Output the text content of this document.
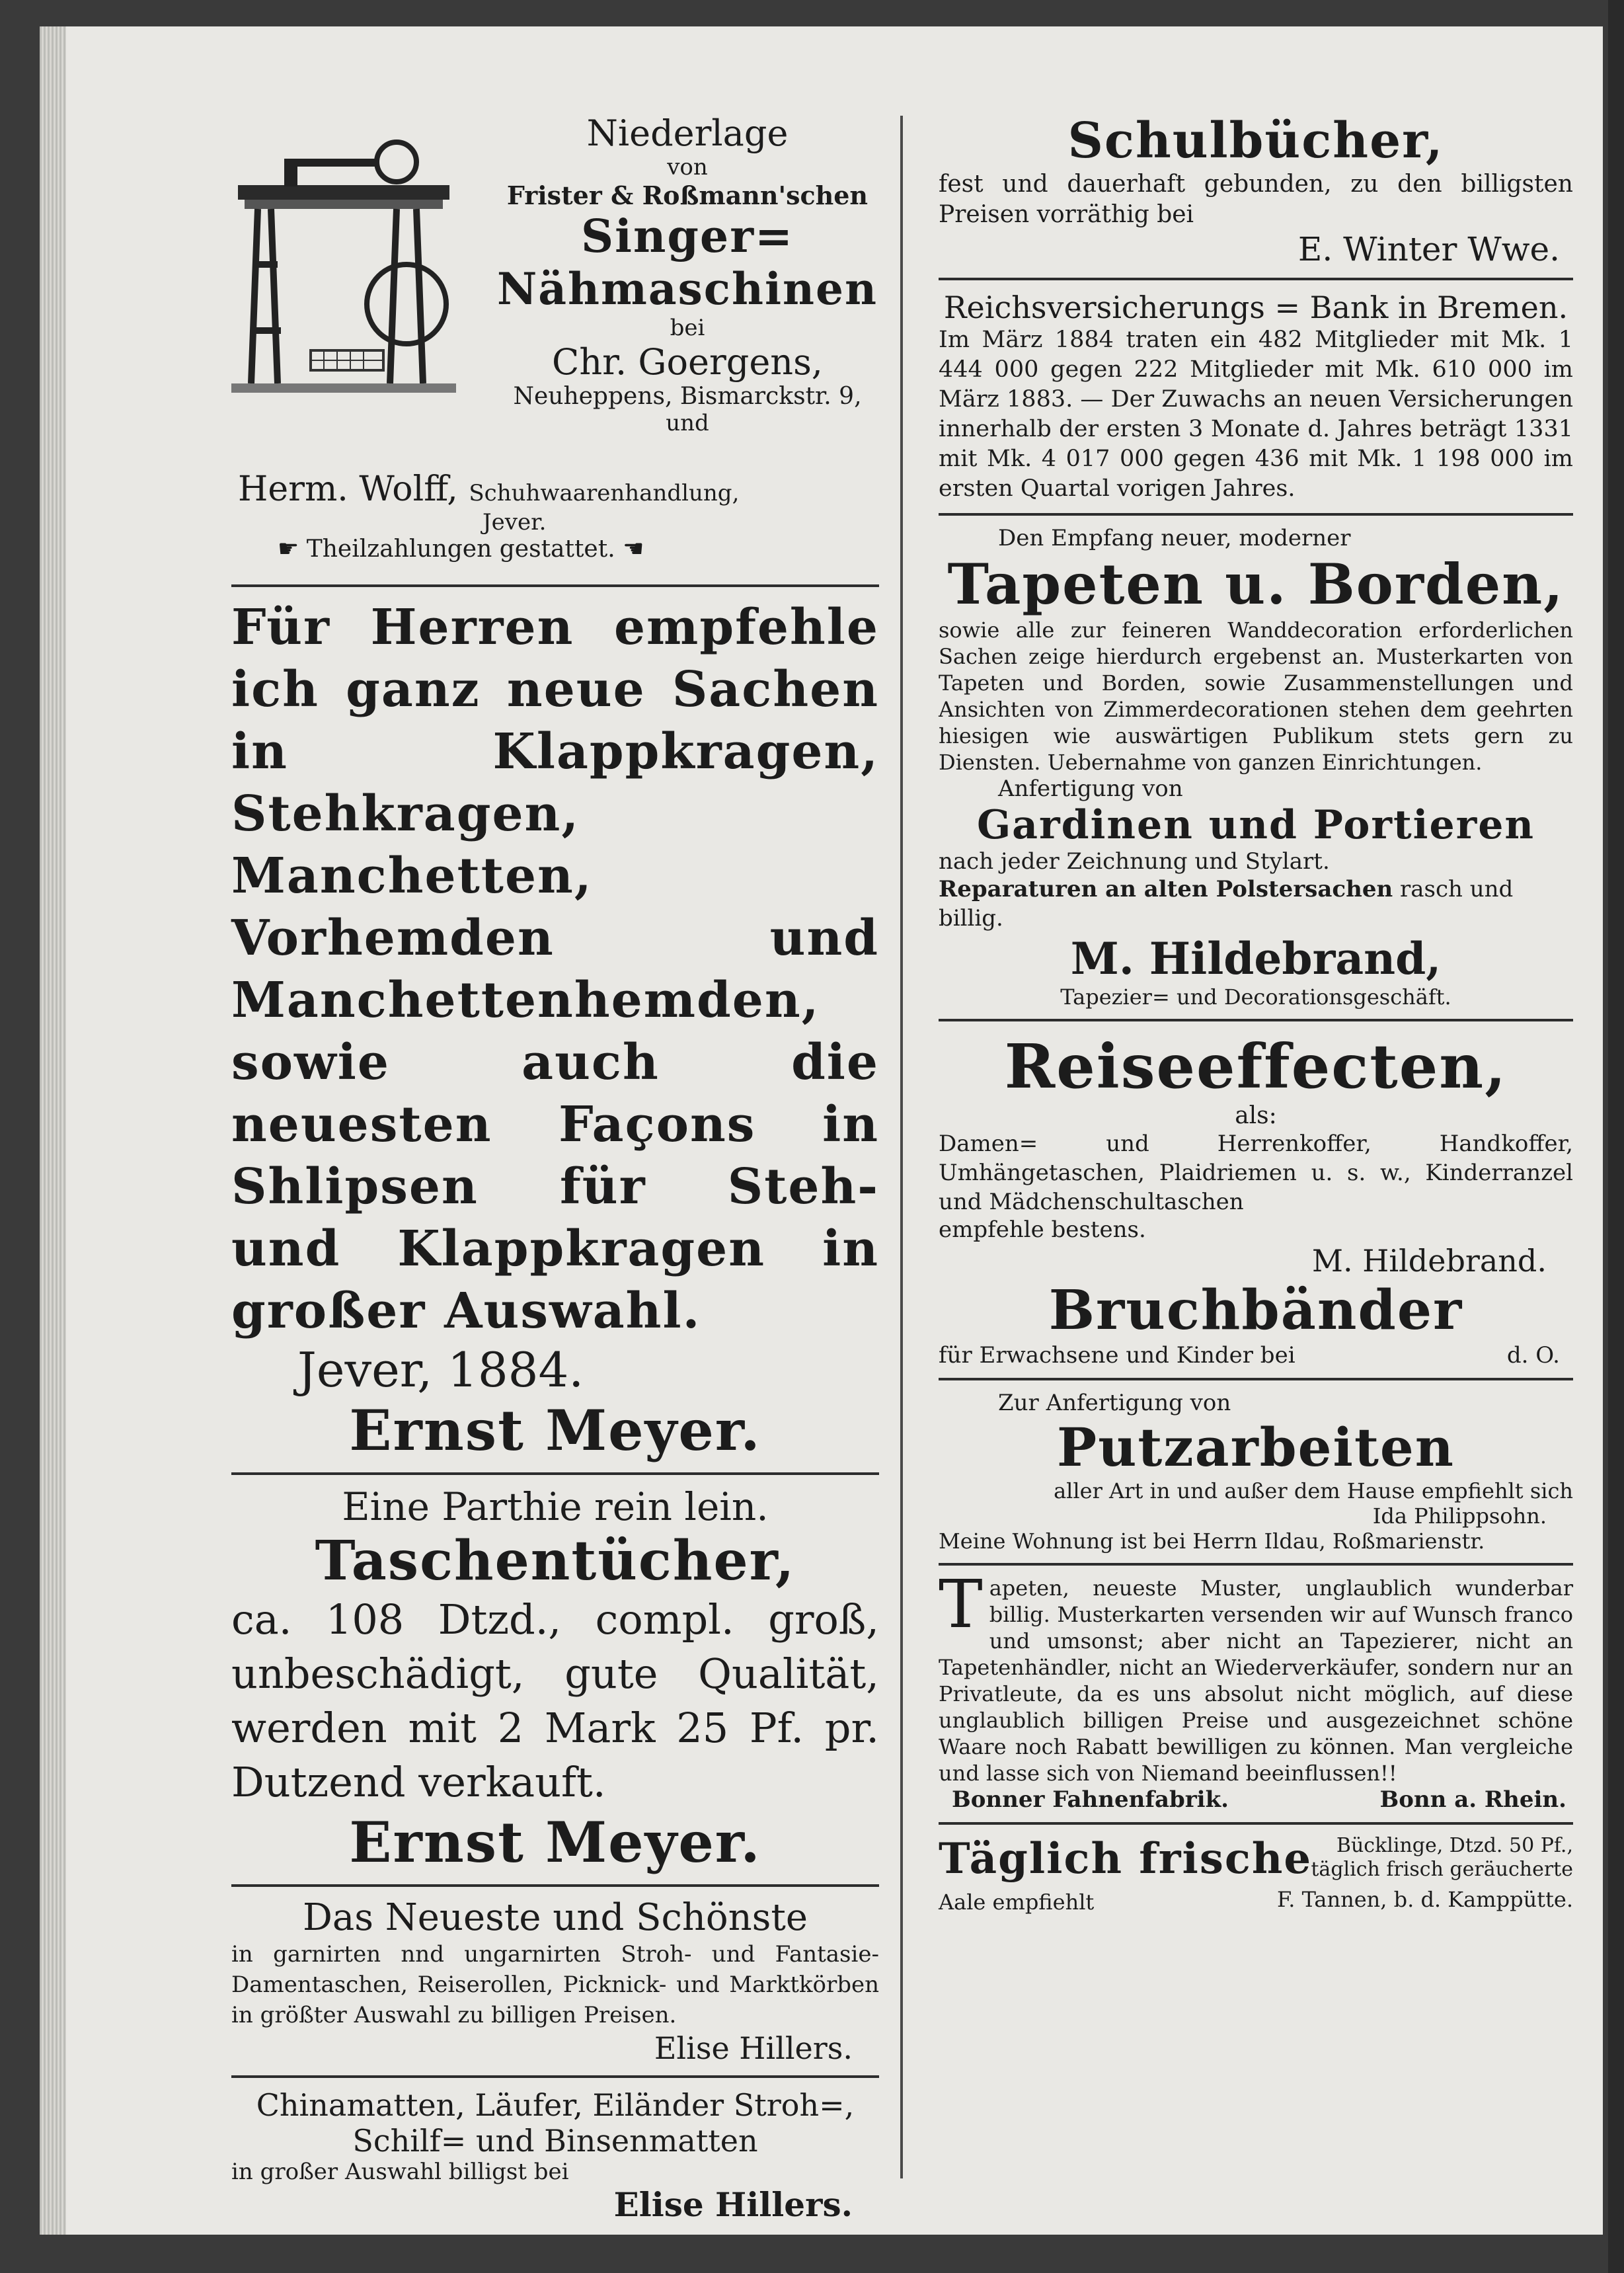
Niederlage

von

Frister & Roßmann'schen

Singer=

Nähmaschinen

bei

Chr. Goergens,

Neuheppens, Bismarckstr. 9,

und

Herm. Wolff, Schuhwaarenhandlung,

Jever.

☛ Theilzahlungen gestattet. ☚

Für Herren empfehle ich ganz neue Sachen in Klappkragen, Stehkragen, Manchetten, Vorhemden und Manchettenhemden, sowie auch die neuesten Façons in Shlipsen für Steh- und Klappkragen in großer Auswahl.

Jever, 1884.

Ernst Meyer.

Eine Parthie rein lein.

Taschentücher,

ca. 108 Dtzd., compl. groß, unbeschädigt, gute Qualität, werden mit 2 Mark 25 Pf. pr. Dutzend verkauft.

Ernst Meyer.

Das Neueste und Schönste

in garnirten nnd ungarnirten Stroh- und Fantasie-Damentaschen, Reiserollen, Picknick- und Marktkörben in größter Auswahl zu billigen Preisen.

Elise Hillers.

Chinamatten, Läufer, Eiländer Stroh=,

Schilf= und Binsenmatten

in großer Auswahl billigst bei

Elise Hillers.

Schulbücher,

fest und dauerhaft gebunden, zu den billigsten Preisen vorräthig bei

E. Winter Wwe.

Reichsversicherungs = Bank in Bremen.

Im März 1884 traten ein 482 Mitglieder mit Mk. 1 444 000 gegen 222 Mitglieder mit Mk. 610 000 im März 1883. — Der Zuwachs an neuen Versicherungen innerhalb der ersten 3 Monate d. Jahres beträgt 1331 mit Mk. 4 017 000 gegen 436 mit Mk. 1 198 000 im ersten Quartal vorigen Jahres.

Den Empfang neuer, moderner

Tapeten u. Borden,

sowie alle zur feineren Wanddecoration erforderlichen Sachen zeige hierdurch ergebenst an. Musterkarten von Tapeten und Borden, sowie Zusammenstellungen und Ansichten von Zimmerdecorationen stehen dem geehrten hiesigen wie auswärtigen Publikum stets gern zu Diensten. Uebernahme von ganzen Einrichtungen.

Anfertigung von

Gardinen und Portieren

nach jeder Zeichnung und Stylart.

Reparaturen an alten Polstersachen rasch und billig.

M. Hildebrand,

Tapezier= und Decorationsgeschäft.

Reiseeffecten,

als:

Damen= und Herrenkoffer, Handkoffer, Umhängetaschen, Plaidriemen u. s. w., Kinderranzel und Mädchenschultaschen

empfehle bestens.

M. Hildebrand.

Bruchbänder

für Erwachsene und Kinder bei	d. O.

Zur Anfertigung von

Putzarbeiten

aller Art in und außer dem Hause empfiehlt sich

Ida Philippsohn.

Meine Wohnung ist bei Herrn Ildau, Roßmarienstr.

T apeten, neueste Muster, unglaublich wunderbar billig. Musterkarten versenden wir auf Wunsch franco und umsonst; aber nicht an Tapezierer, nicht an Tapetenhändler, nicht an Wiederverkäufer, sondern nur an Privatleute, da es uns absolut nicht möglich, auf diese unglaublich billigen Preise und ausgezeichnet schöne Waare noch Rabatt bewilligen zu können. Man vergleiche und lasse sich von Niemand beeinflussen!!

Bonner Fahnenfabrik.	Bonn a. Rhein.

Täglich frische Bücklinge, Dtzd. 50 Pf.,

täglich frisch geräucherte

Aale empfiehlt	F. Tannen, b. d. Kamppütte.
